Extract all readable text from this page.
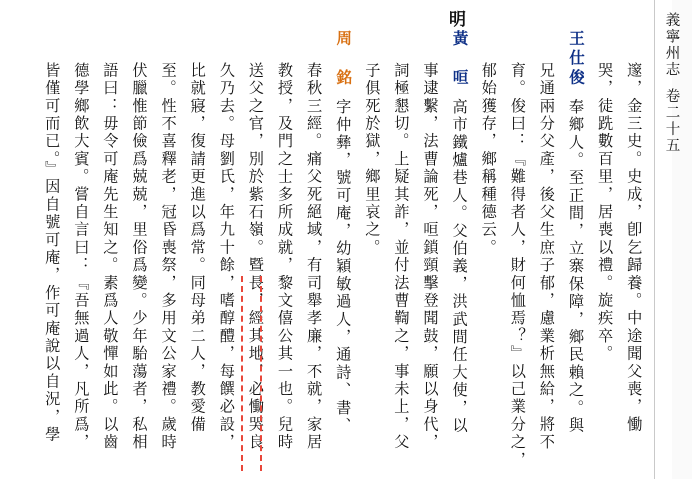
義寧州志卷二十五
明
邃，金三史。史成，卽乞歸養。中途聞父喪，慟
哭，徒跣數百里，居喪以禮。旋疾卒。
王仕俊奉鄉人。至正間，立寨保障，鄉民賴之。與
兄通兩分父產，後父生庶子郁，慮業析無給，將不
育。俊曰：『難得者人，財何恤焉？』以己業分之，
郁始獲存，鄉稱種德云。
黃　咺高市鐵爐巷人。父伯義，洪武間任大使，以
事逮繫，法曹論死，咺鎖頸擊登聞鼓，願以身代，
詞極懇切。上疑其詐，並付法曹鞫之，事未上，父
子俱死於獄，鄉里哀之。
周　銘字仲彝，號可庵，幼穎敏過人，通詩、書、
春秋三經。痛父死絕域，有司舉孝廉，不就，家居
教授，及門之士多所成就，黎文僖公其一也。兒時
送父之官，別於紫石嶺。暨長，經其地，必慟哭良
久乃去。母劉氏，年九十餘，嗜醇醴，每饌必設，
比就寢，復請更進以爲常。同母弟二人，教愛備
至。性不喜釋老，冠昏喪祭，多用文公家禮。歲時
伏臘惟節儉爲兢兢，里俗爲變。少年駘蕩者，私相
語曰：毋令可庵先生知之。素爲人敬憚如此。以齒
德學鄉飲大賓。嘗自言曰：『吾無過人，凡所爲，
皆僅可而已。』因自號可庵，作可庵說以自況，學
